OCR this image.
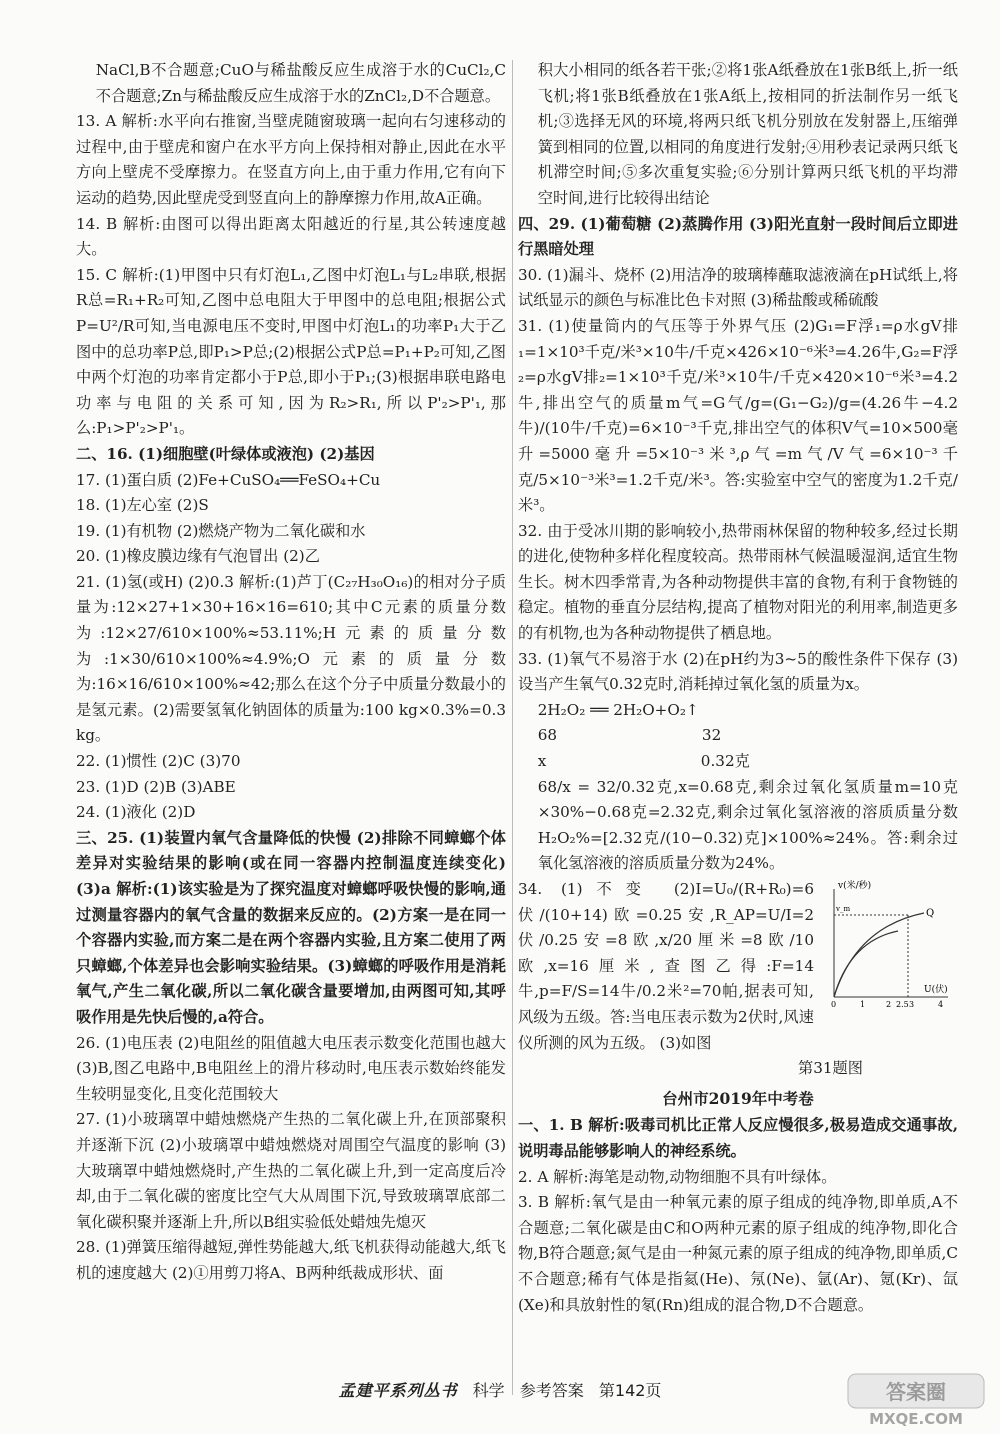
NaCl,B不合题意;CuO与稀盐酸反应生成溶于水的CuCl₂,C不合题意;Zn与稀盐酸反应生成溶于水的ZnCl₂,D不合题意。

13. A 解析:水平向右推窗,当壁虎随窗玻璃一起向右匀速移动的过程中,由于壁虎和窗户在水平方向上保持相对静止,因此在水平方向上壁虎不受摩擦力。在竖直方向上,由于重力作用,它有向下运动的趋势,因此壁虎受到竖直向上的静摩擦力作用,故A正确。

14. B 解析:由图可以得出距离太阳越近的行星,其公转速度越大。

15. C 解析:(1)甲图中只有灯泡L₁,乙图中灯泡L₁与L₂串联,根据R总=R₁+R₂可知,乙图中总电阻大于甲图中的总电阻;根据公式P=U²/R可知,当电源电压不变时,甲图中灯泡L₁的功率P₁大于乙图中的总功率P总,即P₁>P总;(2)根据公式P总=P₁+P₂可知,乙图中两个灯泡的功率肯定都小于P总,即小于P₁;(3)根据串联电路电功率与电阻的关系可知,因为R₂>R₁,所以P'₂>P'₁,那么:P₁>P'₂>P'₁。

二、16. (1)细胞壁(叶绿体或液泡) (2)基因

17. (1)蛋白质 (2)Fe+CuSO₄══FeSO₄+Cu

18. (1)左心室 (2)S

19. (1)有机物 (2)燃烧产物为二氧化碳和水

20. (1)橡皮膜边缘有气泡冒出 (2)乙

21. (1)氢(或H) (2)0.3 解析:(1)芦丁(C₂₇H₃₀O₁₆)的相对分子质量为:12×27+1×30+16×16=610;其中C元素的质量分数为:12×27/610×100%≈53.11%;H元素的质量分数为:1×30/610×100%≈4.9%;O元素的质量分数为:16×16/610×100%≈42;那么在这个分子中质量分数最小的是氢元素。(2)需要氢氧化钠固体的质量为:100 kg×0.3%=0.3 kg。

22. (1)惯性 (2)C (3)70

23. (1)D (2)B (3)ABE

24. (1)液化 (2)D

三、25. (1)装置内氧气含量降低的快慢 (2)排除不同蟑螂个体差异对实验结果的影响(或在同一容器内控制温度连续变化) (3)a 解析:(1)该实验是为了探究温度对蟑螂呼吸快慢的影响,通过测量容器内的氧气含量的数据来反应的。(2)方案一是在同一个容器内实验,而方案二是在两个容器内实验,且方案二使用了两只蟑螂,个体差异也会影响实验结果。(3)蟑螂的呼吸作用是消耗氧气,产生二氧化碳,所以二氧化碳含量要增加,由两图可知,其呼吸作用是先快后慢的,a符合。

26. (1)电压表 (2)电阻丝的阻值越大电压表示数变化范围也越大 (3)B,图乙电路中,B电阻丝上的滑片移动时,电压表示数始终能发生较明显变化,且变化范围较大

27. (1)小玻璃罩中蜡烛燃烧产生热的二氧化碳上升,在顶部聚积并逐渐下沉 (2)小玻璃罩中蜡烛燃烧对周围空气温度的影响 (3)大玻璃罩中蜡烛燃烧时,产生热的二氧化碳上升,到一定高度后冷却,由于二氧化碳的密度比空气大从周围下沉,导致玻璃罩底部二氧化碳积聚并逐渐上升,所以B组实验低处蜡烛先熄灭

28. (1)弹簧压缩得越短,弹性势能越大,纸飞机获得动能越大,纸飞机的速度越大 (2)①用剪刀将A、B两种纸裁成形状、面

积大小相同的纸各若干张;②将1张A纸叠放在1张B纸上,折一纸飞机;将1张B纸叠放在1张A纸上,按相同的折法制作另一纸飞机;③选择无风的环境,将两只纸飞机分别放在发射器上,压缩弹簧到相同的位置,以相同的角度进行发射;④用秒表记录两只纸飞机滞空时间;⑤多次重复实验;⑥分别计算两只纸飞机的平均滞空时间,进行比较得出结论

四、29. (1)葡萄糖 (2)蒸腾作用 (3)阳光直射一段时间后立即进行黑暗处理

30. (1)漏斗、烧杯 (2)用洁净的玻璃棒蘸取滤液滴在pH试纸上,将试纸显示的颜色与标准比色卡对照 (3)稀盐酸或稀硫酸

31. (1)使量筒内的气压等于外界气压 (2)G₁=F浮₁=ρ水gV排₁=1×10³千克/米³×10牛/千克×426×10⁻⁶米³=4.26牛,G₂=F浮₂=ρ水gV排₂=1×10³千克/米³×10牛/千克×420×10⁻⁶米³=4.2牛,排出空气的质量m气=G气/g=(G₁−G₂)/g=(4.26牛−4.2牛)/(10牛/千克)=6×10⁻³千克,排出空气的体积V气=10×500毫升=5000毫升=5×10⁻³米³,ρ气=m气/V气=6×10⁻³千克/5×10⁻³米³=1.2千克/米³。答:实验室中空气的密度为1.2千克/米³。

32. 由于受冰川期的影响较小,热带雨林保留的物种较多,经过长期的进化,使物种多样化程度较高。热带雨林气候温暖湿润,适宜生物生长。树木四季常青,为各种动物提供丰富的食物,有利于食物链的稳定。植物的垂直分层结构,提高了植物对阳光的利用率,制造更多的有机物,也为各种动物提供了栖息地。

33. (1)氧气不易溶于水 (2)在pH约为3~5的酸性条件下保存 (3)设当产生氧气0.32克时,消耗掉过氧化氢的质量为x。

2H₂O₂ ══ 2H₂O+O₂↑

68                              32

x                                0.32克

68/x = 32/0.32克,x=0.68克,剩余过氧化氢质量m=10克×30%−0.68克=2.32克,剩余过氧化氢溶液的溶质质量分数H₂O₂%=[2.32克/(10−0.32)克]×100%≈24%。答:剩余过氧化氢溶液的溶质质量分数为24%。

v(米/秒)
v_m	Q
U(伏)
0	1	2 2.5 3	4

34. (1)不变 (2)I=U₀/(R+R₀)=6伏/(10+14)欧=0.25安,R_AP=U/I=2伏/0.25安=8欧,x/20厘米=8欧/10欧,x=16厘米,查图乙得:F=14牛,p=F/S=14牛/0.2米²=70帕,据表可知,风级为五级。答:当电压表示数为2伏时,风速仪所测的风为五级。 (3)如图
第31题图

台州市2019年中考卷

一、1. B 解析:吸毒司机比正常人反应慢很多,极易造成交通事故,说明毒品能够影响人的神经系统。

2. A 解析:海笔是动物,动物细胞不具有叶绿体。

3. B 解析:氧气是由一种氧元素的原子组成的纯净物,即单质,A不合题意;二氧化碳是由C和O两种元素的原子组成的纯净物,即化合物,B符合题意;氮气是由一种氮元素的原子组成的纯净物,即单质,C不合题意;稀有气体是指氦(He)、氖(Ne)、氩(Ar)、氪(Kr)、氙(Xe)和具放射性的氡(Rn)组成的混合物,D不合题意。

孟建平系列丛书 科学 参考答案 第142页	答案圈
MXQE.COM
